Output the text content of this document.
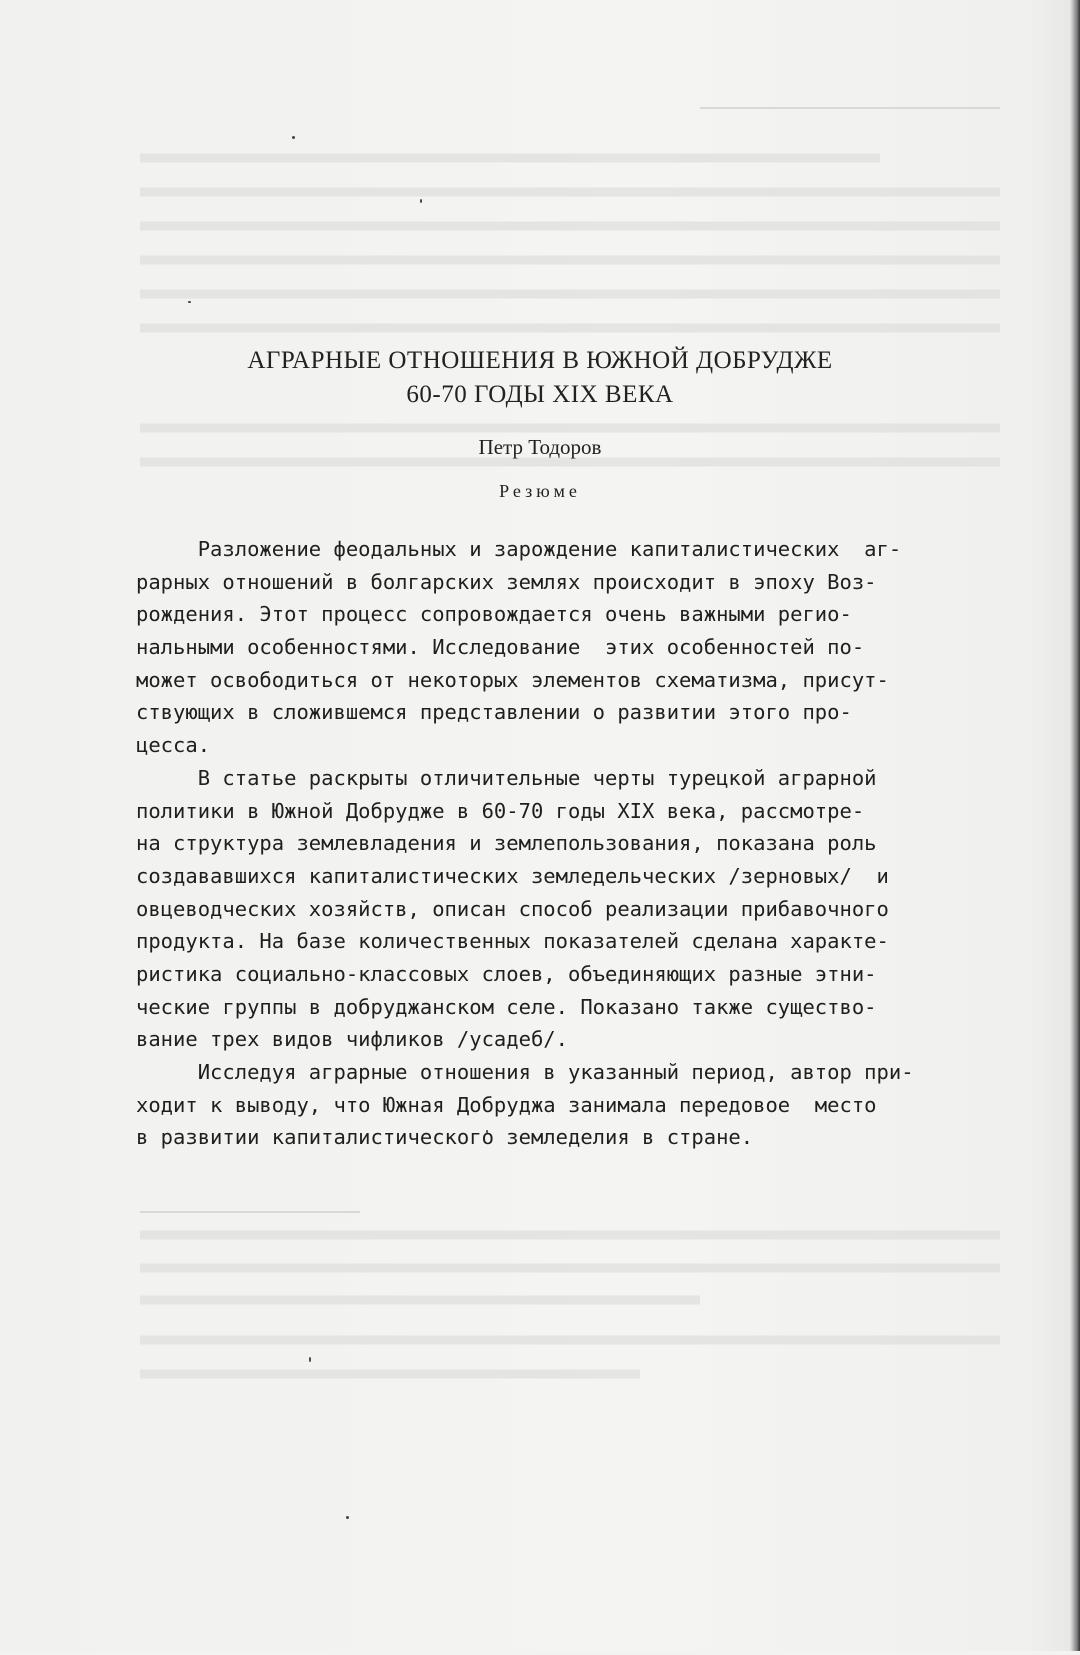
АГРАРНЫЕ ОТНОШЕНИЯ В ЮЖНОЙ ДОБРУДЖЕ
60-70 ГОДЫ XIX ВЕКА
Петр Тодоров
Резюме
Разложение феодальных и зарождение капиталистических  аг-
рарных отношений в болгарских землях происходит в эпоху Воз-
рождения. Этот процесс сопровождается очень важными регио-
нальными особенностями. Исследование  этих особенностей по-
может освободиться от некоторых элементов схематизма, присут-
ствующих в сложившемся представлении о развитии этого про-
цесса.
В статье раскрыты отличительные черты турецкой аграрной
политики в Южной Добрудже в 60-70 годы XIX века, рассмотре-
на структура землевладения и землепользования, показана роль
создававшихся капиталистических земледельческих /зерновых/  и
овцеводческих хозяйств, описан способ реализации прибавочного
продукта. На базе количественных показателей сделана характе-
ристика социально-классовых слоев, объединяющих разные этни-
ческие группы в добруджанском селе. Показано также существо-
вание трех видов чифликов /усадеб/.
Исследуя аграрные отношения в указанный период, автор при-
ходит к выводу, что Южная Добруджа занимала передовое  место
в развитии капиталистического земледелия в стране.
